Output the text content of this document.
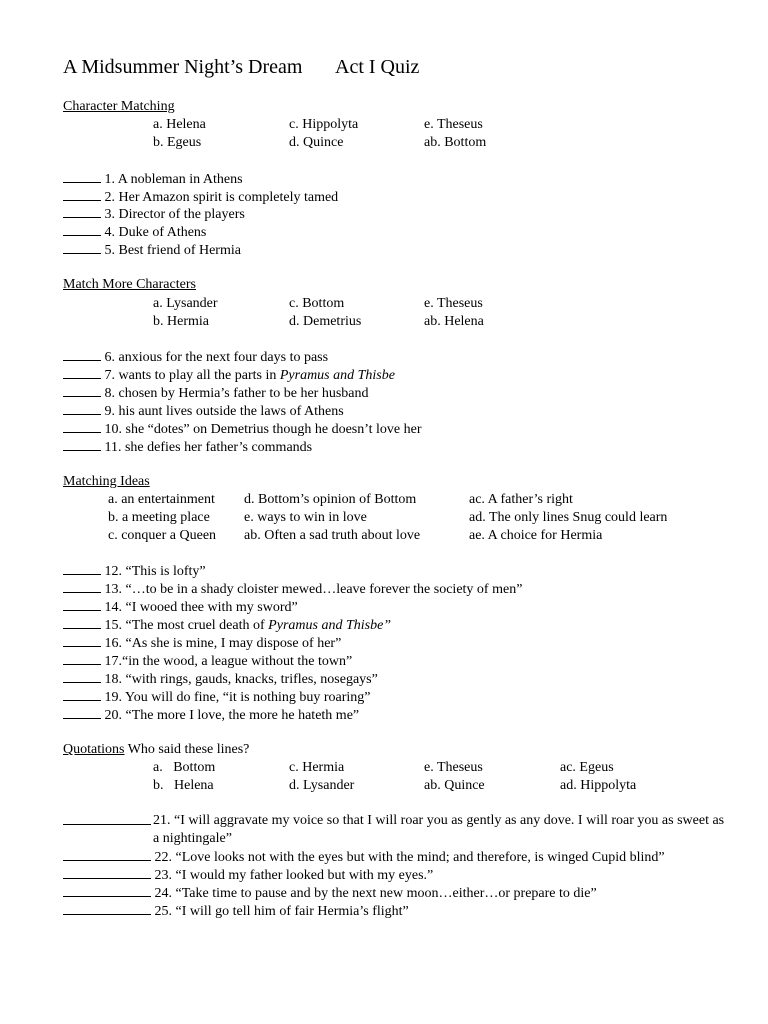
A Midsummer Night’s Dream Act I Quiz
Character Matching
a. Helena	c. Hippolyta	e. Theseus
b. Egeus	d. Quince	ab. Bottom
1. A nobleman in Athens
2. Her Amazon spirit is completely tamed
3. Director of the players
4. Duke of Athens
5. Best friend of Hermia
Match More Characters
a. Lysander	c. Bottom	e. Theseus
b. Hermia	d. Demetrius	ab. Helena
6. anxious for the next four days to pass
7. wants to play all the parts in Pyramus and Thisbe
8. chosen by Hermia’s father to be her husband
9. his aunt lives outside the laws of Athens
10. she “dotes” on Demetrius though he doesn’t love her
11. she defies her father’s commands
Matching Ideas
a. an entertainment d. Bottom’s opinion of Bottom	ac. A father’s right
b. a meeting place e. ways to win in love	ad. The only lines Snug could learn
c. conquer a Queen ab. Often a sad truth about love	ae. A choice for Hermia
12. “This is lofty”
13. “…to be in a shady cloister mewed…leave forever the society of men”
14. “I wooed thee with my sword”
15. “The most cruel death of Pyramus and Thisbe”
16. “As she is mine, I may dispose of her”
17.“in the wood, a league without the town”
18. “with rings, gauds, knacks, trifles, nosegays”
19. You will do fine, “it is nothing buy roaring”
20. “The more I love, the more he hateth me”
Quotations Who said these lines?
a.   Bottom	c. Hermia	e. Theseus	ac. Egeus
b.   Helena	d. Lysander	ab. Quince	ad. Hippolyta
21. “I will aggravate my voice so that I will roar you as gently as any dove. I will roar you as sweet as a nightingale”
22. “Love looks not with the eyes but with the mind; and therefore, is winged Cupid blind”
23. “I would my father looked but with my eyes.”
24. “Take time to pause and by the next new moon…either…or prepare to die”
25. “I will go tell him of fair Hermia’s flight”
